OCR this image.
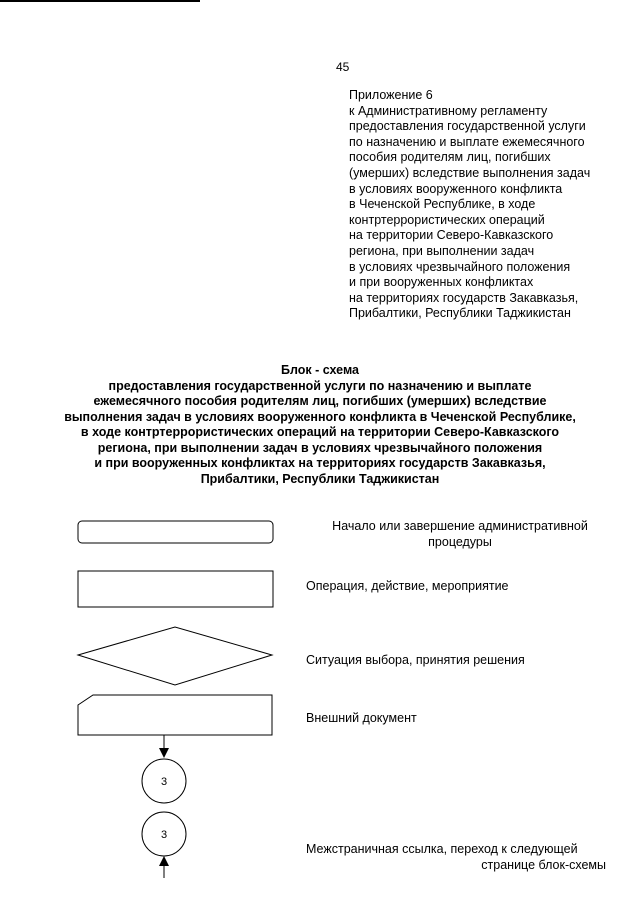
45
Приложение 6
к Административному регламенту
предоставления государственной услуги
по назначению и выплате ежемесячного
пособия родителям лиц, погибших
(умерших) вследствие выполнения задач
в условиях вооруженного конфликта
в Чеченской Республике, в ходе
контртеррористических операций
на территории Северо-Кавказского
региона, при выполнении задач
в условиях чрезвычайного положения
и при вооруженных конфликтах
на территориях государств Закавказья,
Прибалтики, Республики Таджикистан
Блок - схема
предоставления государственной услуги по назначению и выплате
ежемесячного пособия родителям лиц, погибших (умерших) вследствие
выполнения задач в условиях вооруженного конфликта в Чеченской Республике,
в ходе контртеррористических операций на территории Северо-Кавказского
региона, при выполнении задач в условиях чрезвычайного положения
и при вооруженных конфликтах на территориях государств Закавказья,
Прибалтики, Республики Таджикистан
3
3
Начало или завершение административной
процедуры
Операция, действие, мероприятие
Ситуация выбора, принятия решения
Внешний документ
Межстраничная ссылка, переход к следующей
странице блок-схемы
